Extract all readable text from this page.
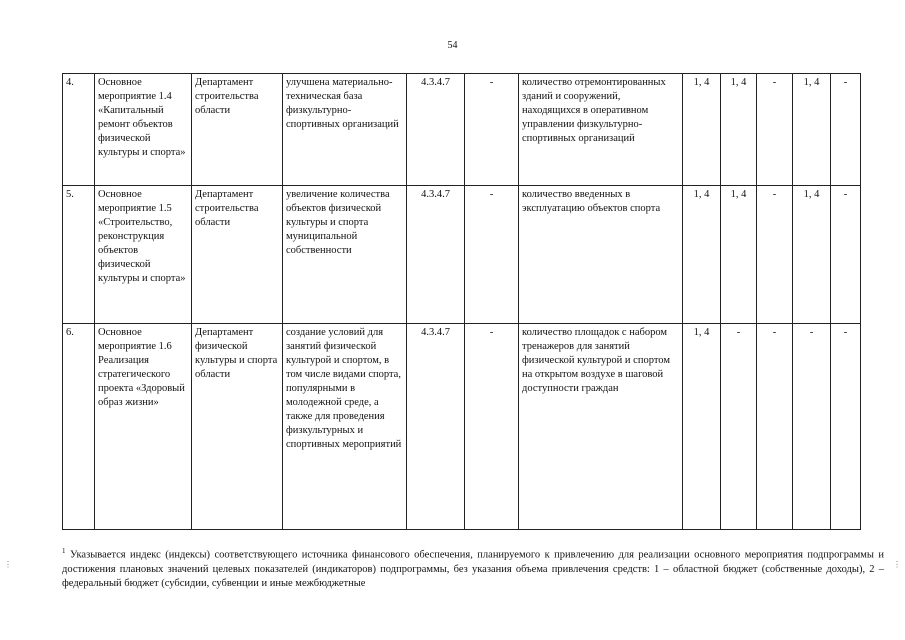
54
4.	Основное мероприятие 1.4 «Капитальный ремонт объектов физической культуры и спорта»	Департамент строительства области	улучшена материально- техническая база физкультурно-спортивных организаций	4.3.4.7	-	количество отремонтированных зданий и сооружений, находящихся в оперативном управлении физкультурно-спортивных организаций	1, 4	1, 4	-	1, 4	-
5.	Основное мероприятие 1.5 «Строительство, реконструкция объектов физической культуры и спорта»	Департамент строительства области	увеличение количества объектов физической культуры и спорта муниципальной собственности	4.3.4.7	-	количество введенных в эксплуатацию объектов спорта	1, 4	1, 4	-	1, 4	-
6.	Основное мероприятие 1.6 Реализация стратегического проекта «Здоровый образ жизни»	Департамент физической культуры и спорта области	создание условий для занятий физической культурой и спортом, в том числе видами спорта, популярными в молодежной среде, а также для проведения физкультурных и спортивных мероприятий	4.3.4.7	-	количество площадок с набором тренажеров для занятий физической культурой и спортом на открытом воздухе в шаговой доступности граждан	1, 4	-	-	-	-
$^1$ Указывается индекс (индексы) соответствующего источника финансового обеспечения, планируемого к привлечению для реализации основного мероприятия подпрограммы и достижения плановых значений целевых показателей (индикаторов) подпрограммы, без указания объема привлечения средств: 1 – областной бюджет (собственные доходы), 2 – федеральный бюджет (субсидии, субвенции и иные межбюджетные
⋮	⋮
